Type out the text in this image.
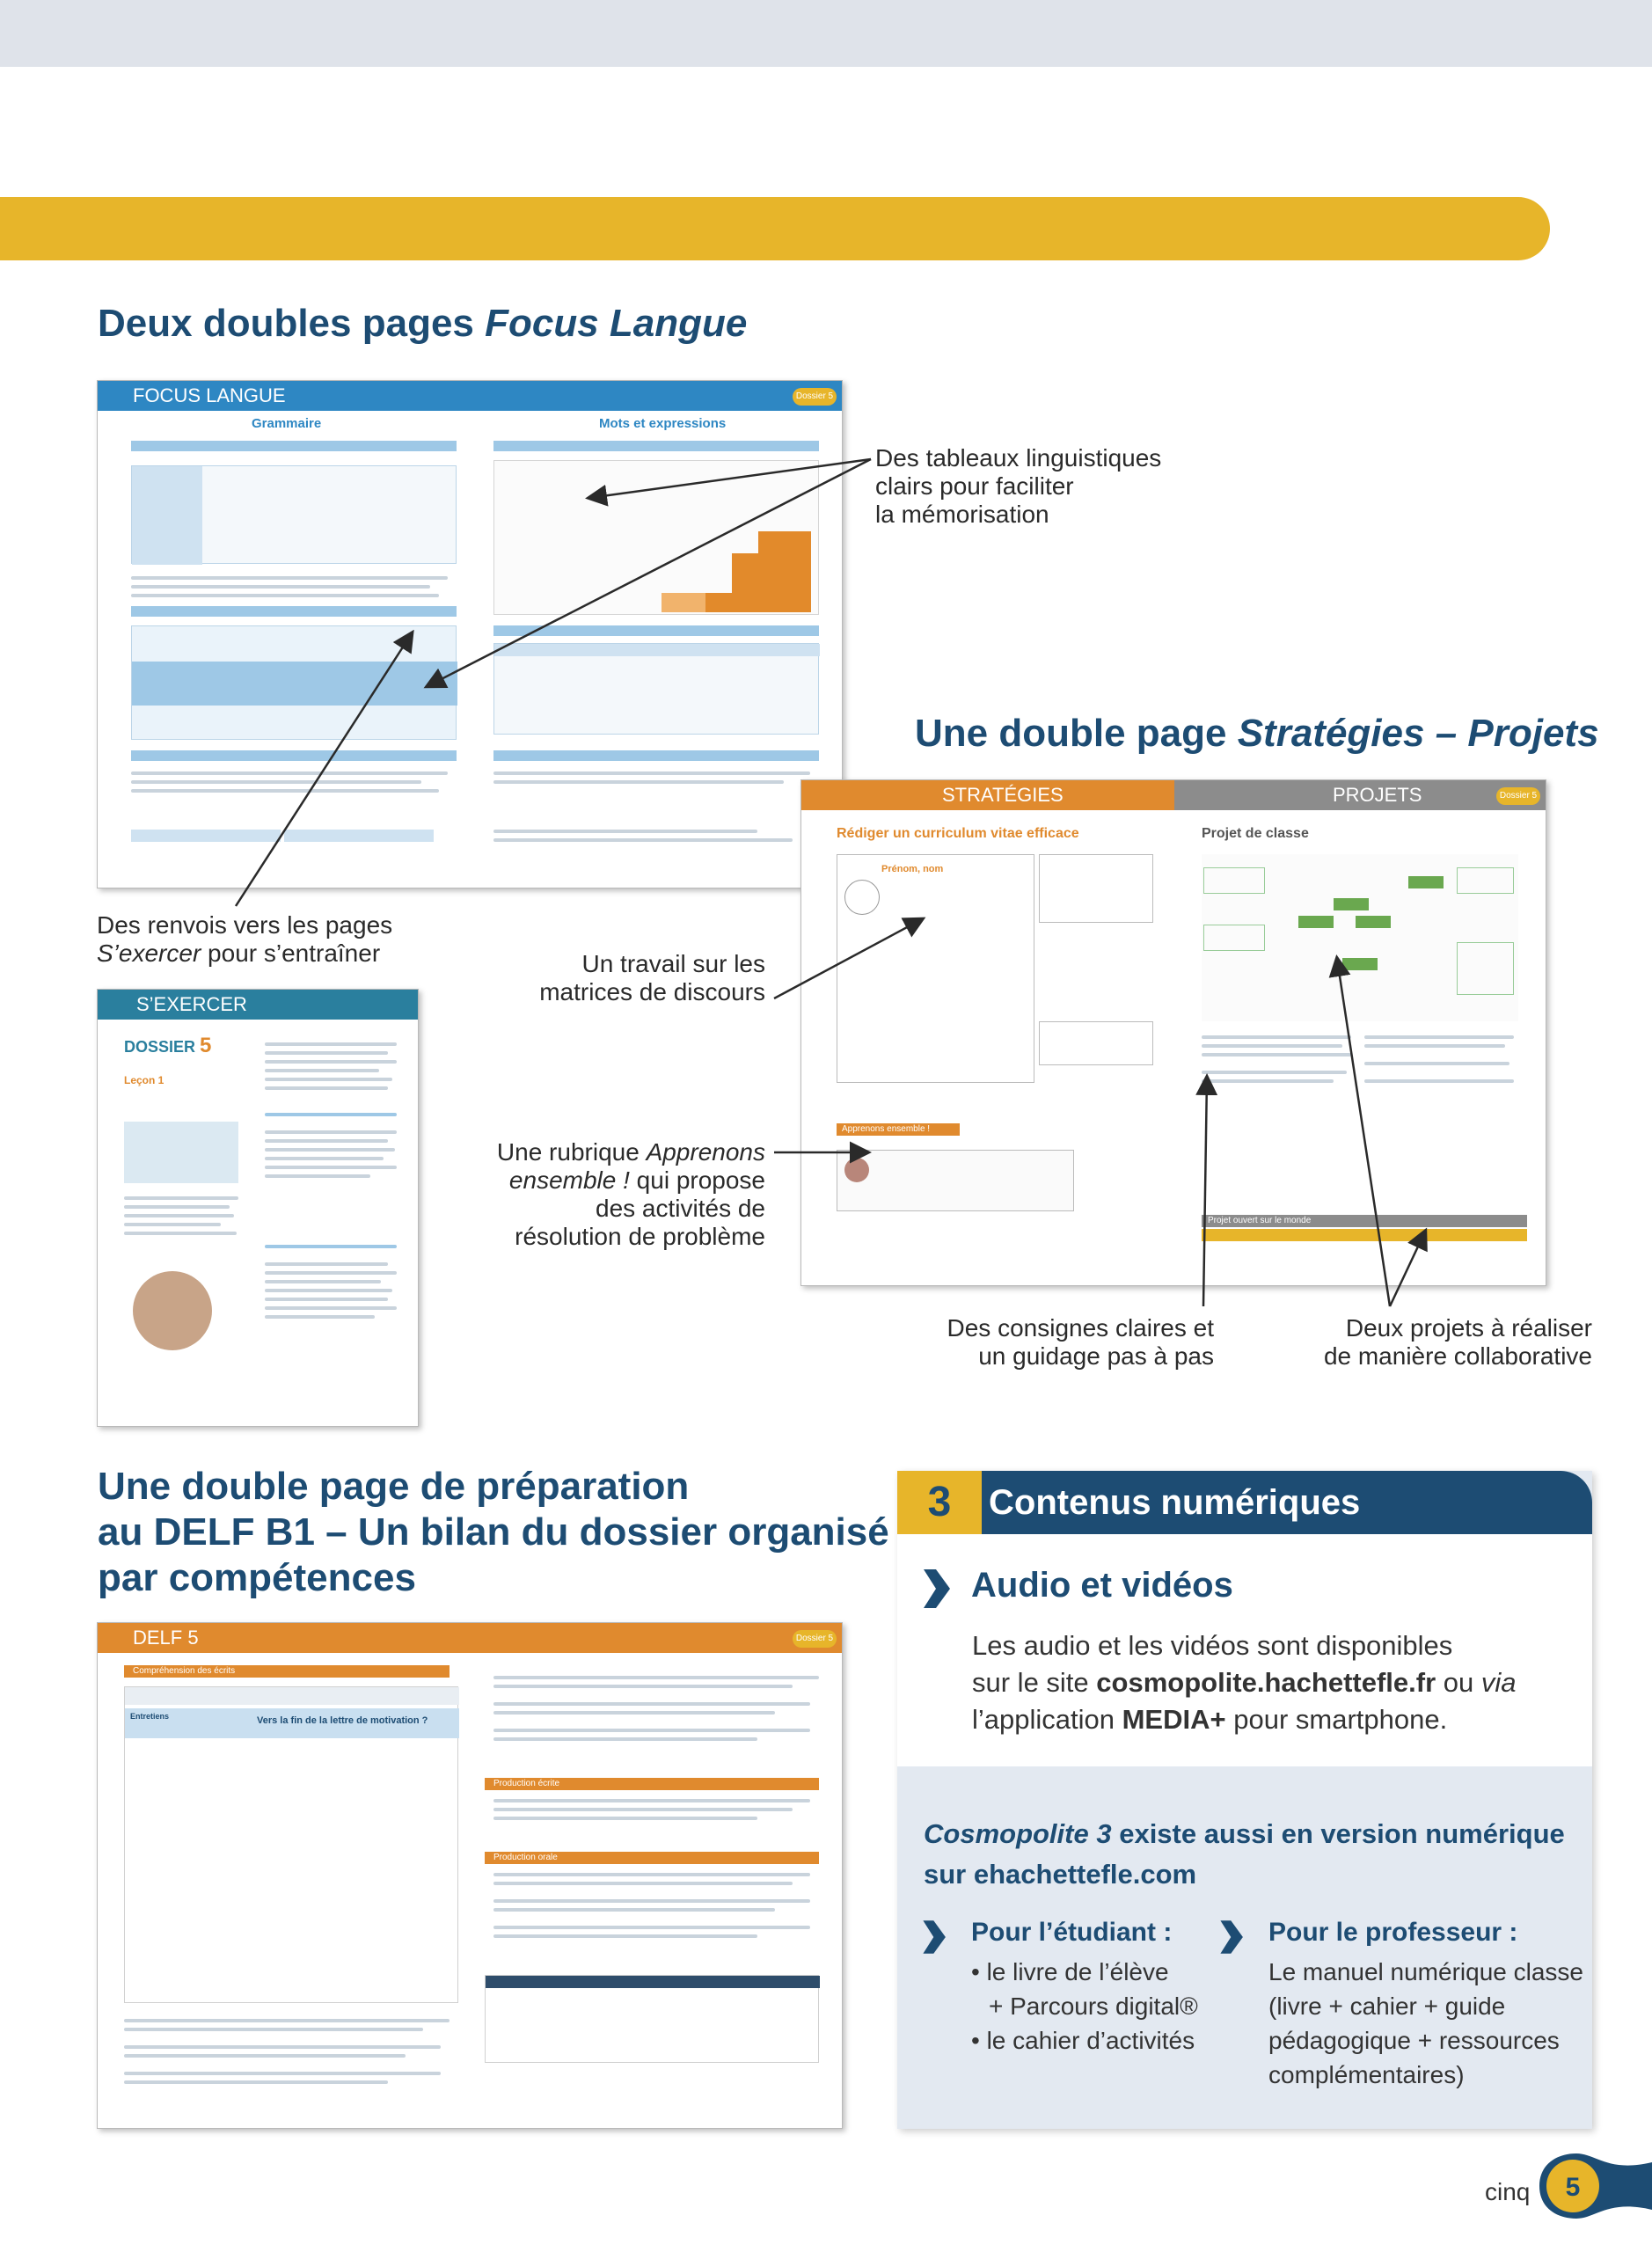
Deux doubles pages Focus Langue
FOCUS LANGUE	Dossier 5
Grammaire	Mots et expressions
Des tableaux linguistiques
clairs pour faciliter
la mémorisation
Des renvois vers les pages
S’exercer pour s’entraîner	Un travail sur les
matrices de discours
S’EXERCER
DOSSIER 5
Leçon 1
Une rubrique Apprenons
ensemble ! qui propose
des activités de
résolution de problème
Une double page Stratégies – Projets
STRATÉGIES	PROJETS	Dossier 5
Rédiger un curriculum vitae efficace	Projet de classe
Prénom, nom
Apprenons ensemble !
Projet ouvert sur le monde
Des consignes claires et
un guidage pas à pas
Deux projets à réaliser
de manière collaborative
Une double page de préparation
au DELF B1 – Un bilan du dossier organisé
par compétences
DELF 5	Dossier 5
Compréhension des écrits
Entretiens	Vers la fin de la lettre de motivation ?
Production écrite
Production orale
3	Contenus numériques
Audio et vidéos
Les audio et les vidéos sont disponibles
sur le site cosmopolite.hachettefle.fr ou via
l’application MEDIA+ pour smartphone.
Cosmopolite 3 existe aussi en version numérique
sur ehachettefle.com
Pour l’étudiant :
• le livre de l’élève
+ Parcours digital®
• le cahier d’activités
Pour le professeur :
Le manuel numérique classe
(livre + cahier + guide
pédagogique + ressources
complémentaires)
cinq	5
